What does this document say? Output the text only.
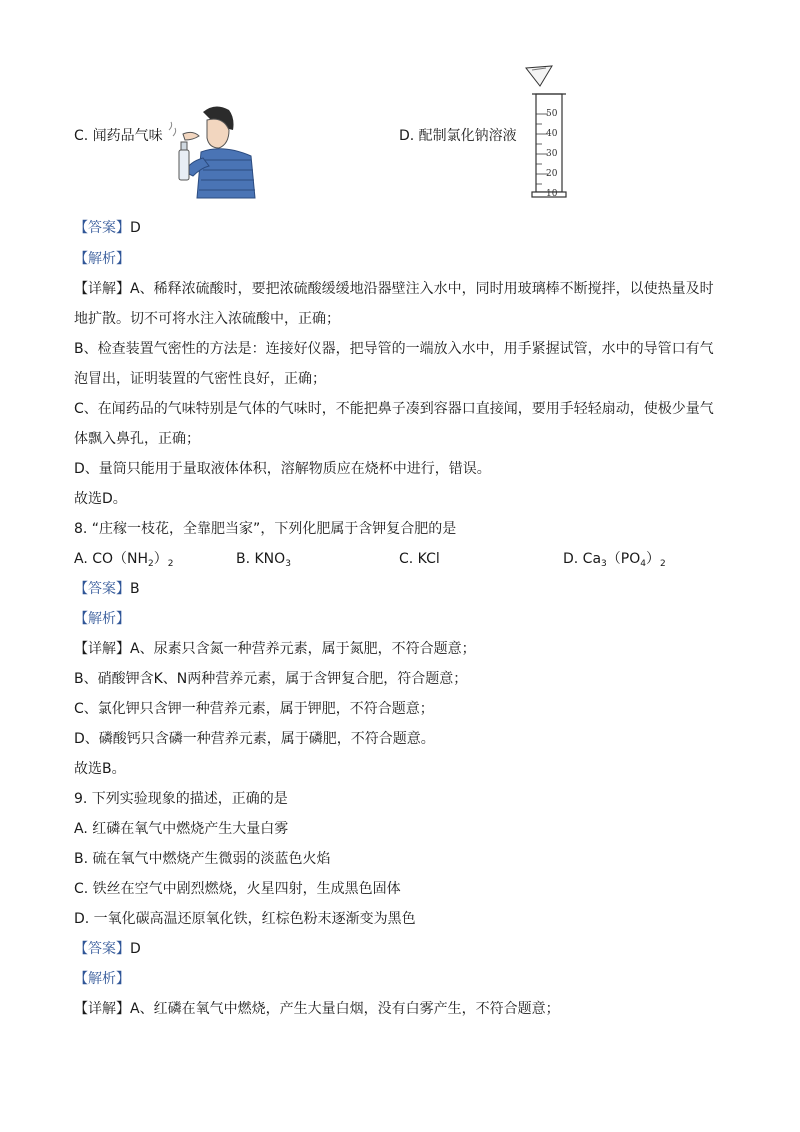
C. 闻药品气味	D. 配制氯化钠溶液
50
40
30
20
10
【答案】D
【解析】
【详解】A、稀释浓硫酸时，要把浓硫酸缓缓地沿器壁注入水中，同时用玻璃棒不断搅拌，以使热量及时
地扩散。切不可将水注入浓硫酸中，正确；
B、检查装置气密性的方法是：连接好仪器，把导管的一端放入水中，用手紧握试管，水中的导管口有气
泡冒出，证明装置的气密性良好，正确；
C、在闻药品的气味特别是气体的气味时，不能把鼻子凑到容器口直接闻，要用手轻轻扇动，使极少量气
体飘入鼻孔，正确；
D、量筒只能用于量取液体体积，溶解物质应在烧杯中进行，错误。
故选D。
8. “庄稼一枝花，全靠肥当家”，下列化肥属于含钾复合肥的是
A. $CO(NH_2)_2$	B. $KNO_3$	C. KCl	D. $Ca_3(PO_4)_2$
【答案】B
【解析】
【详解】A、尿素只含氮一种营养元素，属于氮肥，不符合题意；
B、硝酸钾含K、N两种营养元素，属于含钾复合肥，符合题意；
C、氯化钾只含钾一种营养元素，属于钾肥，不符合题意；
D、磷酸钙只含磷一种营养元素，属于磷肥，不符合题意。
故选B。
9. 下列实验现象的描述，正确的是
A. 红磷在氧气中燃烧产生大量白雾
B. 硫在氧气中燃烧产生微弱的淡蓝色火焰
C. 铁丝在空气中剧烈燃烧，火星四射，生成黑色固体
D. 一氧化碳高温还原氧化铁，红棕色粉末逐渐变为黑色
【答案】D
【解析】
【详解】A、红磷在氧气中燃烧，产生大量白烟，没有白雾产生，不符合题意；
